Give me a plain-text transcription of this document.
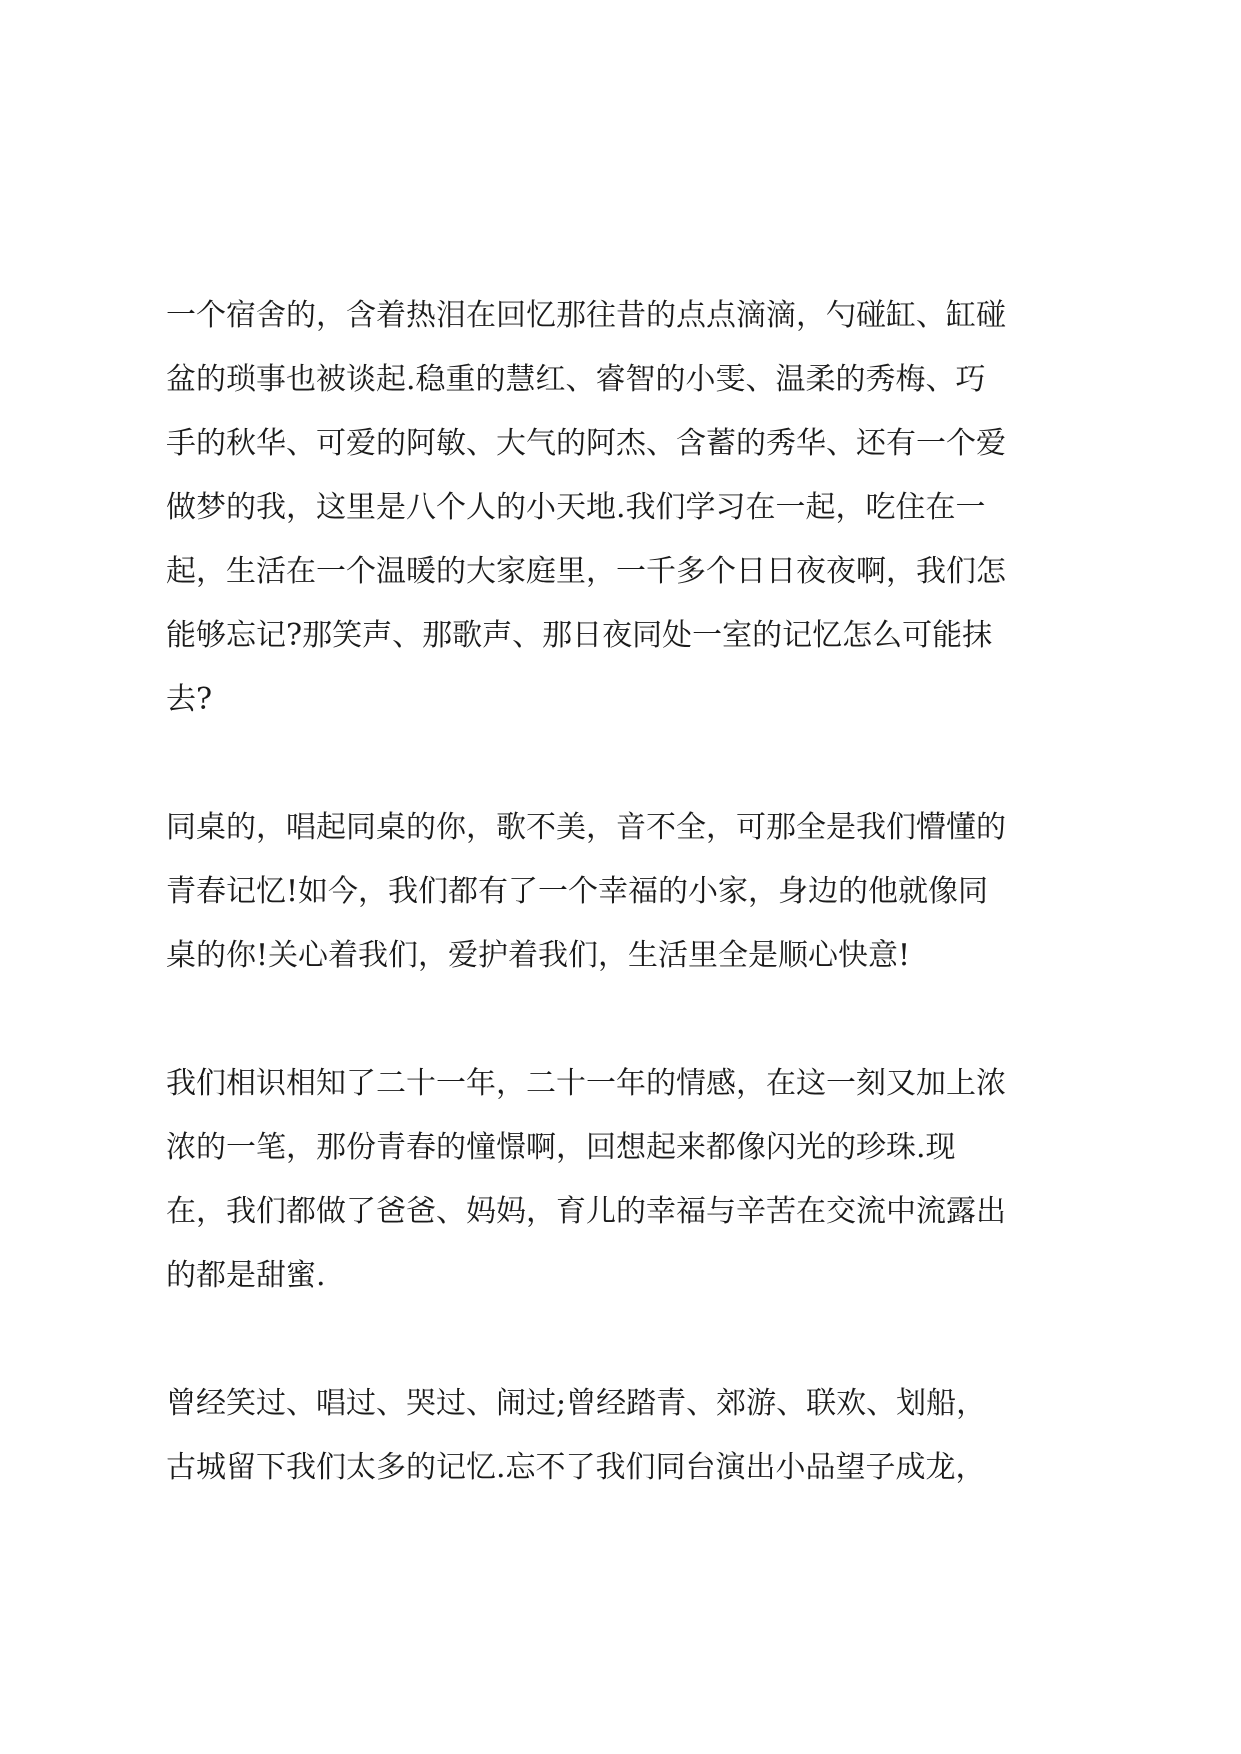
一个宿舍的，含着热泪在回忆那往昔的点点滴滴，勺碰缸、缸碰
盆的琐事也被谈起.稳重的慧红、睿智的小雯、温柔的秀梅、巧
手的秋华、可爱的阿敏、大气的阿杰、含蓄的秀华、还有一个爱
做梦的我，这里是八个人的小天地.我们学习在一起，吃住在一
起，生活在一个温暖的大家庭里，一千多个日日夜夜啊，我们怎
能够忘记?那笑声、那歌声、那日夜同处一室的记忆怎么可能抹
去?

同桌的，唱起同桌的你，歌不美，音不全，可那全是我们懵懂的
青春记忆!如今，我们都有了一个幸福的小家，身边的他就像同
桌的你!关心着我们，爱护着我们，生活里全是顺心快意!

我们相识相知了二十一年，二十一年的情感，在这一刻又加上浓
浓的一笔，那份青春的憧憬啊，回想起来都像闪光的珍珠.现
在，我们都做了爸爸、妈妈，育儿的幸福与辛苦在交流中流露出
的都是甜蜜.

曾经笑过、唱过、哭过、闹过;曾经踏青、郊游、联欢、划船，
古城留下我们太多的记忆.忘不了我们同台演出小品望子成龙，
